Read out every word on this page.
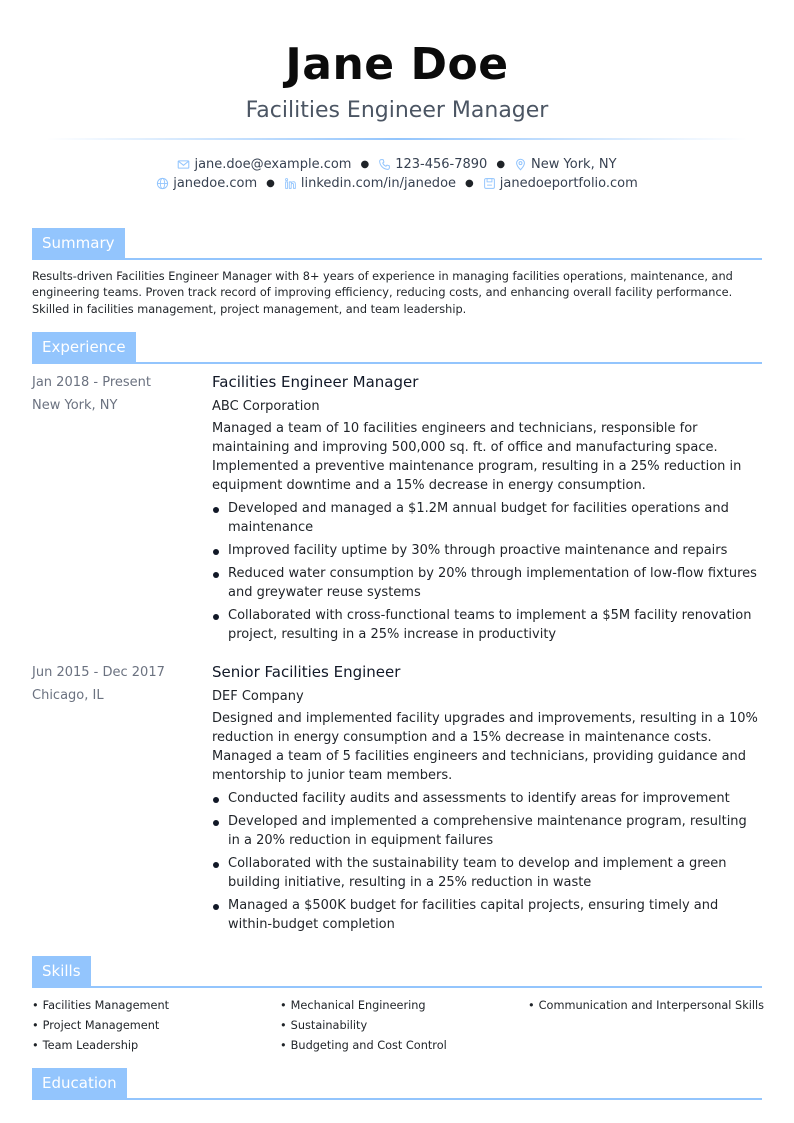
Jane Doe
Facilities Engineer Manager
jane.doe@example.com ● 123-456-7890 ● New York, NY
janedoe.com ● linkedin.com/in/janedoe ● janedoeportfolio.com
Summary
Results-driven Facilities Engineer Manager with 8+ years of experience in managing facilities operations, maintenance, and engineering teams. Proven track record of improving efficiency, reducing costs, and enhancing overall facility performance. Skilled in facilities management, project management, and team leadership.
Experience
Jan 2018 - Present
New York, NY
Facilities Engineer Manager
ABC Corporation
Managed a team of 10 facilities engineers and technicians, responsible for maintaining and improving 500,000 sq. ft. of office and manufacturing space. Implemented a preventive maintenance program, resulting in a 25% reduction in equipment downtime and a 15% decrease in energy consumption.
Developed and managed a $1.2M annual budget for facilities operations and maintenance
Improved facility uptime by 30% through proactive maintenance and repairs
Reduced water consumption by 20% through implementation of low-flow fixtures and greywater reuse systems
Collaborated with cross-functional teams to implement a $5M facility renovation project, resulting in a 25% increase in productivity
Jun 2015 - Dec 2017
Chicago, IL
Senior Facilities Engineer
DEF Company
Designed and implemented facility upgrades and improvements, resulting in a 10% reduction in energy consumption and a 15% decrease in maintenance costs. Managed a team of 5 facilities engineers and technicians, providing guidance and mentorship to junior team members.
Conducted facility audits and assessments to identify areas for improvement
Developed and implemented a comprehensive maintenance program, resulting in a 20% reduction in equipment failures
Collaborated with the sustainability team to develop and implement a green building initiative, resulting in a 25% reduction in waste
Managed a $500K budget for facilities capital projects, ensuring timely and within-budget completion
Skills
• Facilities Management	• Mechanical Engineering	• Communication and Interpersonal Skills
• Project Management	• Sustainability
• Team Leadership	• Budgeting and Cost Control
Education
